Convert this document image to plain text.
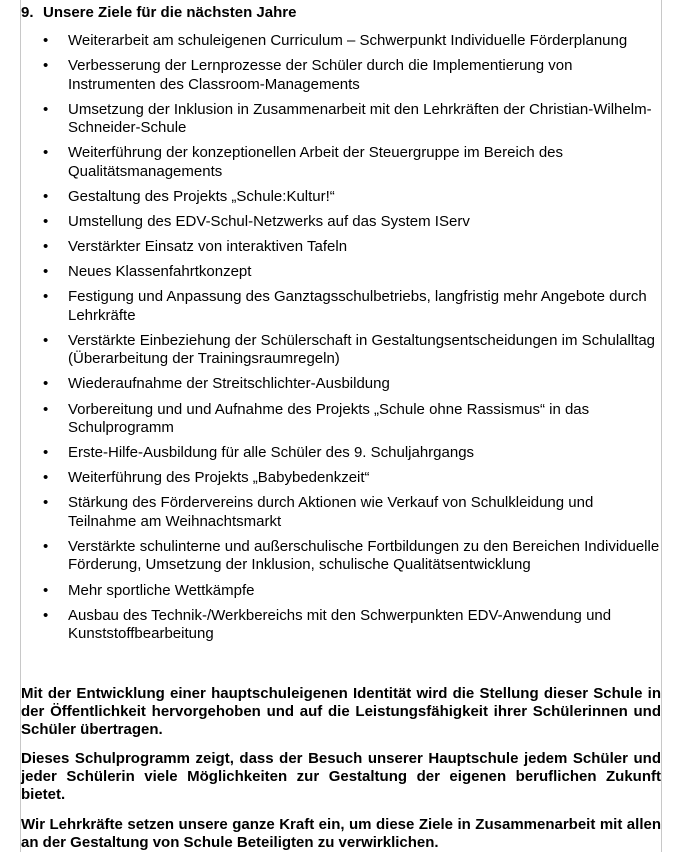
9. Unsere Ziele für die nächsten Jahre
•	Weiterarbeit am schuleigenen Curriculum – Schwerpunkt Individuelle Förderplanung
•	Verbesserung der Lernprozesse der Schüler durch die Implementierung von Instrumenten des Classroom-Managements
•	Umsetzung der Inklusion in Zusammenarbeit mit den Lehrkräften der Christian-Wilhelm-Schneider-Schule
•	Weiterführung der konzeptionellen Arbeit der Steuergruppe im Bereich des Qualitätsmanagements
•	Gestaltung des Projekts „Schule:Kultur!“
•	Umstellung des EDV-Schul-Netzwerks auf das System IServ
•	Verstärkter Einsatz von interaktiven Tafeln
•	Neues Klassenfahrtkonzept
•	Festigung und Anpassung des Ganztagsschulbetriebs, langfristig mehr Angebote durch Lehrkräfte
•	Verstärkte Einbeziehung der Schülerschaft in Gestaltungsentscheidungen im Schulalltag (Überarbeitung der Trainingsraumregeln)
•	Wiederaufnahme der Streitschlichter-Ausbildung
•	Vorbereitung und und Aufnahme des Projekts „Schule ohne Rassismus“ in das Schulprogramm
•	Erste-Hilfe-Ausbildung für alle Schüler des 9. Schuljahrgangs
•	Weiterführung des Projekts „Babybedenkzeit“
•	Stärkung des Fördervereins durch Aktionen wie Verkauf von Schulkleidung und Teilnahme am Weihnachtsmarkt
•	Verstärkte schulinterne und außerschulische Fortbildungen zu den Bereichen Individuelle Förderung, Umsetzung der Inklusion, schulische Qualitätsentwicklung
•	Mehr sportliche Wettkämpfe
•	Ausbau des Technik-/Werkbereichs mit den Schwerpunkten EDV-Anwendung und Kunststoffbearbeitung

Mit der Entwicklung einer hauptschuleigenen Identität wird die Stellung dieser Schule in der Öffentlichkeit hervorgehoben und auf die Leistungsfähigkeit ihrer Schülerinnen und Schüler übertragen.

Dieses Schulprogramm zeigt, dass der Besuch unserer Hauptschule jedem Schüler und jeder Schülerin viele Möglichkeiten zur Gestaltung der eigenen beruflichen Zukunft bietet.

Wir Lehrkräfte setzen unsere ganze Kraft ein, um diese Ziele in Zusammenarbeit mit allen an der Gestaltung von Schule Beteiligten zu verwirklichen.
